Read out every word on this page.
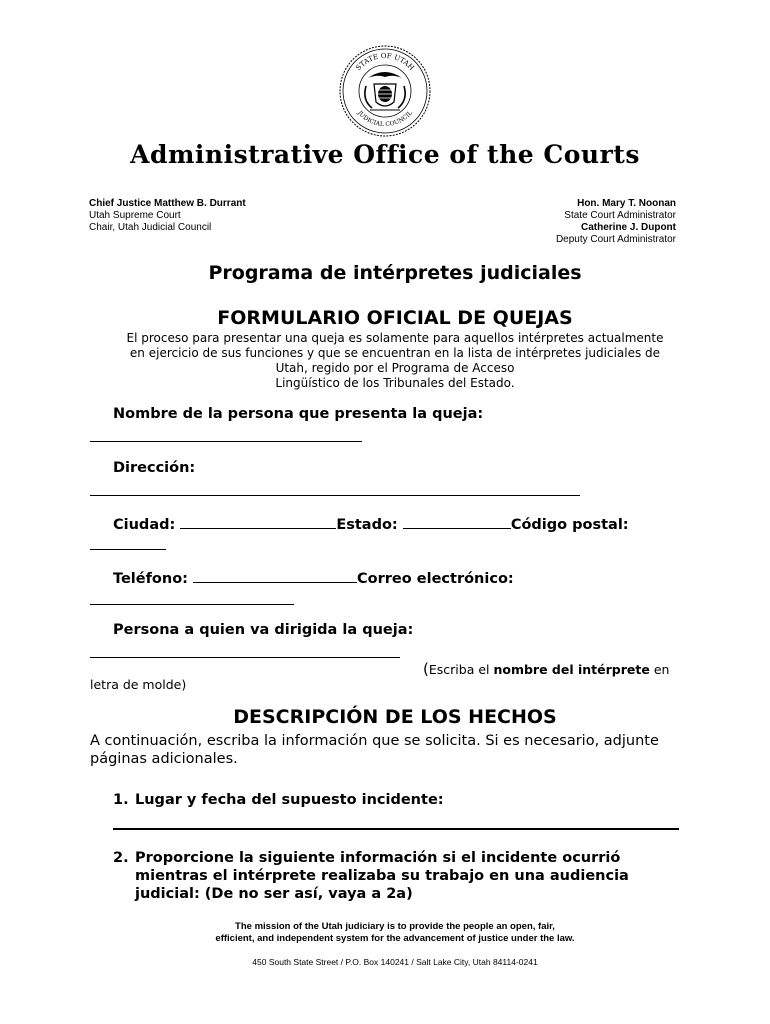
STATE OF UTAH
JUDICIAL COUNCIL
Administrative Office of the Courts
Chief Justice Matthew B. Durrant
Utah Supreme Court
Chair, Utah Judicial Council
Hon. Mary T. Noonan
State Court Administrator
Catherine J. Dupont
Deputy Court Administrator
Programa de intérpretes judiciales
FORMULARIO OFICIAL DE QUEJAS
El proceso para presentar una queja es solamente para aquellos intérpretes actualmente
en ejercicio de sus funciones y que se encuentran en la lista de intérpretes judiciales de
Utah, regido por el Programa de Acceso
Lingüístico de los Tribunales del Estado.
Nombre de la persona que presenta la queja:
Dirección:
Ciudad:	Estado:	Código postal:
Teléfono:	Correo electrónico:
Persona a quien va dirigida la queja:
(Escriba el nombre del intérprete en
letra de molde)
DESCRIPCIÓN DE LOS HECHOS
A continuación, escriba la información que se solicita. Si es necesario, adjunte páginas adicionales.
1. Lugar y fecha del supuesto incidente:
2. Proporcione la siguiente información si el incidente ocurrió mientras el intérprete realizaba su trabajo en una audiencia judicial: (De no ser así, vaya a 2a)
The mission of the Utah judiciary is to provide the people an open, fair,
efficient, and independent system for the advancement of justice under the law.
450 South State Street / P.O. Box 140241 / Salt Lake City, Utah 84114-0241
